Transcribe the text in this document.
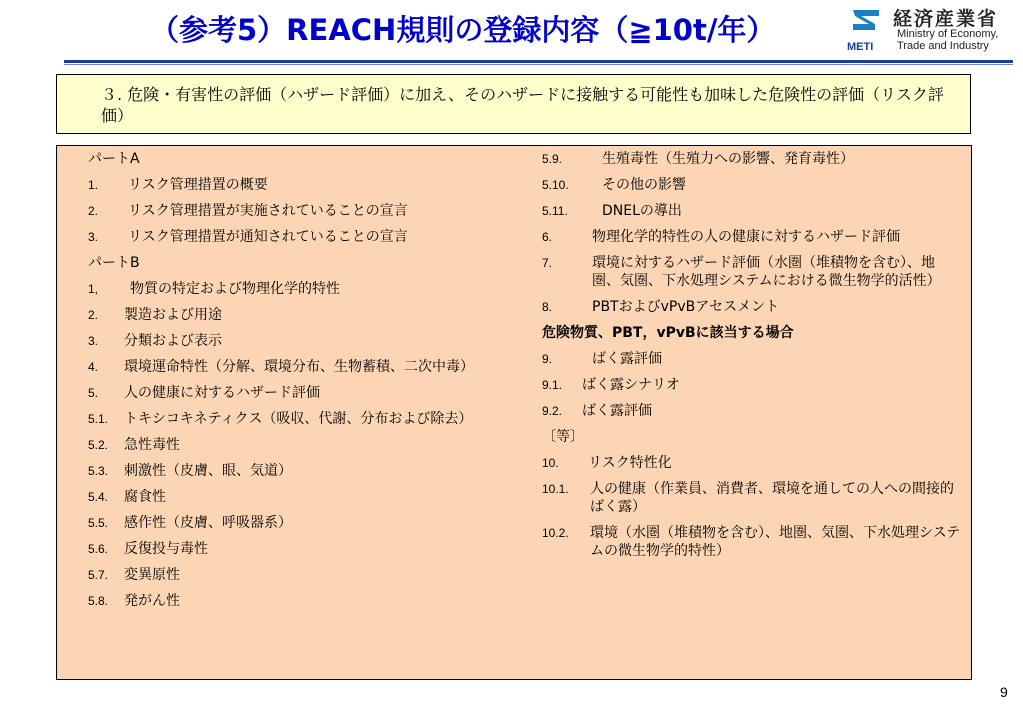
（参考5）REACH規則の登録内容（≧10t/年）	METI
経済産業省
Ministry of Economy,
Trade and Industry
３. 危険・有害性の評価（ハザード評価）に加え、そのハザードに接触する可能性も加味した危険性の評価（リスク評価）
パートA
1.	リスク管理措置の概要
2.	リスク管理措置が実施されていることの宣言
3.	リスク管理措置が通知されていることの宣言
パートB
1,	物質の特定および物理化学的特性
2.	製造および用途
3.	分類および表示
4.	環境運命特性（分解、環境分布、生物蓄積、二次中毒）
5.	人の健康に対するハザード評価
5.1.	トキシコキネティクス（吸収、代謝、分布および除去）
5.2.	急性毒性
5.3.	刺激性（皮膚、眼、気道）
5.4.	腐食性
5.5.	感作性（皮膚、呼吸器系）
5.6.	反復投与毒性
5.7.	変異原性
5.8.	発がん性
5.9.	生殖毒性（生殖力への影響、発育毒性）
5.10.	その他の影響
5.11.	DNELの導出
6.	物理化学的特性の人の健康に対するハザード評価
7.	環境に対するハザード評価（水圏（堆積物を含む）、地圏、気圏、下水処理システムにおける微生物学的活性）
8.	PBTおよびvPvBアセスメント
危険物質、PBT，vPvBに該当する場合
9.	ばく露評価
9.1.	ばく露シナリオ
9.2.	ばく露評価
〔等〕
10.	リスク特性化
10.1.	人の健康（作業員、消費者、環境を通しての人への間接的ばく露）
10.2.	環境（水圏（堆積物を含む）、地圏、気圏、下水処理システムの微生物学的特性）
9
